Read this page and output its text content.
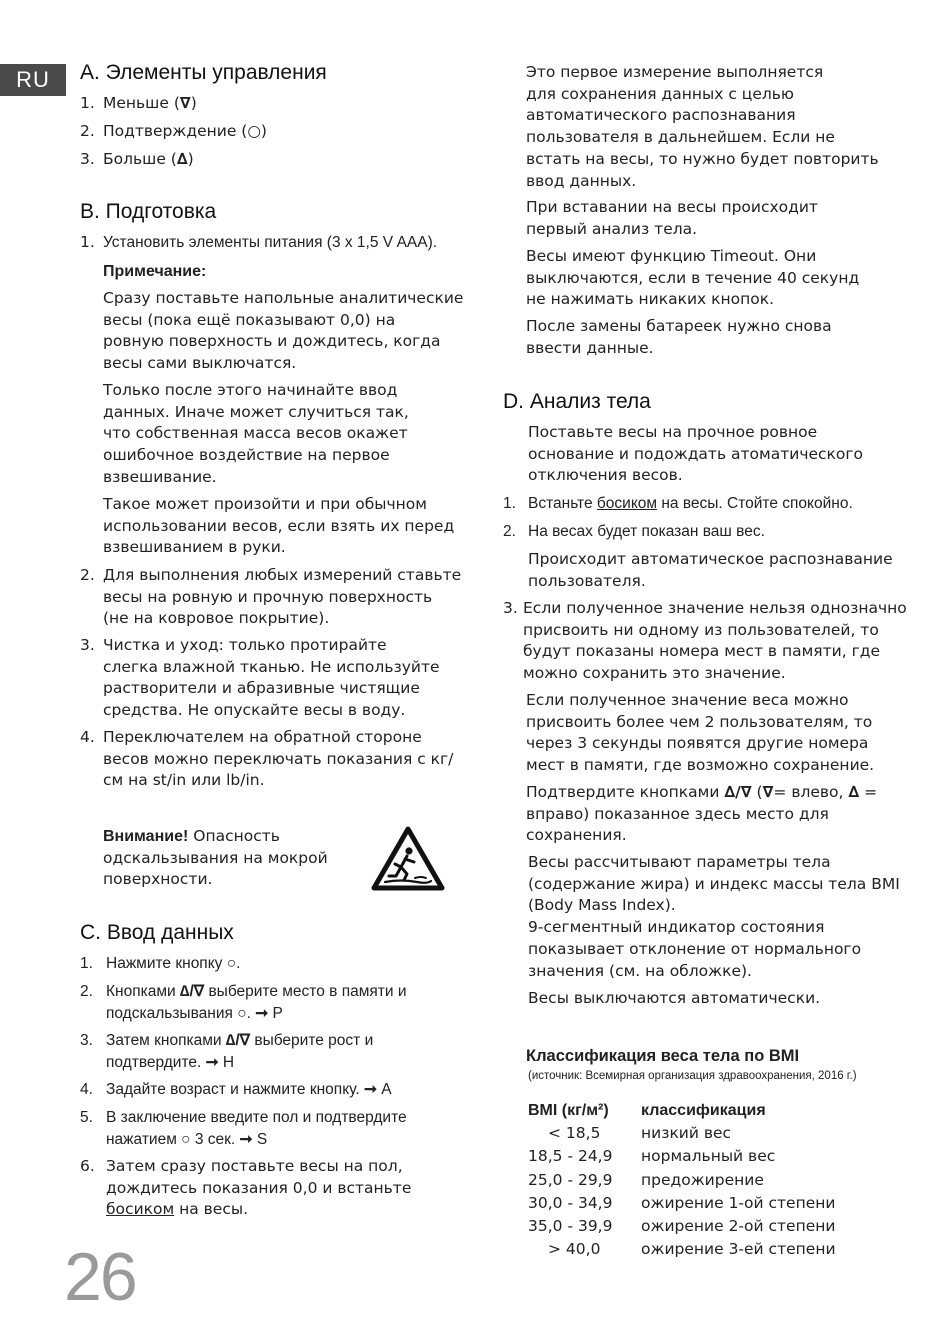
RU	A. Элементы управления
1. Меньше (∇)
2. Подтверждение (○)
3. Больше (∆)
B. Подготовка
1. Установить элементы питания (3 x 1,5 V AAA).
Примечание:
Сразу поставьте напольные аналитические
весы (пока ещё показывают 0,0) на
ровную поверхность и дождитесь, когда
весы сами выключатся.
Только после этого начинайте ввод
данных. Иначе может случиться так,
что собственная масса весов окажет
ошибочное воздействие на первое
взвешивание.
Такое может произойти и при обычном
использовании весов, если взять их перед
взвешиванием в руки.
2. Для выполнения любых измерений ставьте
весы на ровную и прочную поверхность
(не на ковровое покрытие).
3. Чистка и уход: только протирайте
слегка влажной тканью. Не используйте
растворители и абразивные чистящие
средства. Не опускайте весы в воду.
4. Переключателем на обратной стороне
весов можно переключать показания с кг/
см на st/in или lb/in.
Внимание! Опасность
одскальзывания на мокрой
поверхности.
C. Ввод данных
1. Нажмите кнопку ○.
2. Кнопками ∆/∇ выберите место в памяти и
подскальзывания ○. ➞ P
3. Затем кнопками ∆/∇ выберите рост и
подтвердите. ➞ H
4. Задайте возраст и нажмите кнопку. ➞ A
5. В заключение введите пол и подтвердите
нажатием ○ 3 сек. ➞ S
6. Затем сразу поставьте весы на пол,
дождитесь показания 0,0 и встаньте
босиком на весы.
26
Это первое измерение выполняется
для сохранения данных с целью
автоматического распознавания
пользователя в дальнейшем. Если не
встать на весы, то нужно будет повторить
ввод данных.
При вставании на весы происходит
первый анализ тела.
Весы имеют функцию Timeout. Они
выключаются, если в течение 40 секунд
не нажимать никаких кнопок.
После замены батареек нужно снова
ввести данные.
D. Анализ тела
Поставьте весы на прочное ровное
основание и подождать атоматического
отключения весов.
1. Встаньте босиком на весы. Стойте спокойно.
2. На весах будет показан ваш вес.
Происходит автоматическое распознавание
пользователя.
3. Если полученное значение нельзя однозначно
присвоить ни одному из пользователей, то
будут показаны номера мест в памяти, где
можно сохранить это значение.
Если полученное значение веса можно
присвоить более чем 2 пользователям, то
через 3 секунды появятся другие номера
мест в памяти, где возможно сохранение.
Подтвердите кнопками ∆/∇ (∇= влево, ∆ =
вправо) показанное здесь место для
сохранения.
Весы рассчитывают параметры тела
(содержание жира) и индекс массы тела BMI
(Body Mass Index).
9-сегментный индикатор состояния
показывает отклонение от нормального
значения (см. на обложке).
Весы выключаются автоматически.
Классификация веса тела по BMI
(источник: Всемирная организация здравоохранения, 2016 г.)
BMI (кг/м²)	классификация
< 18,5	низкий вес
18,5 - 24,9	нормальный вес
25,0 - 29,9	предожирение
30,0 - 34,9	ожирение 1-ой степени
35,0 - 39,9	ожирение 2-ой степени
> 40,0	ожирение 3-ей степени
